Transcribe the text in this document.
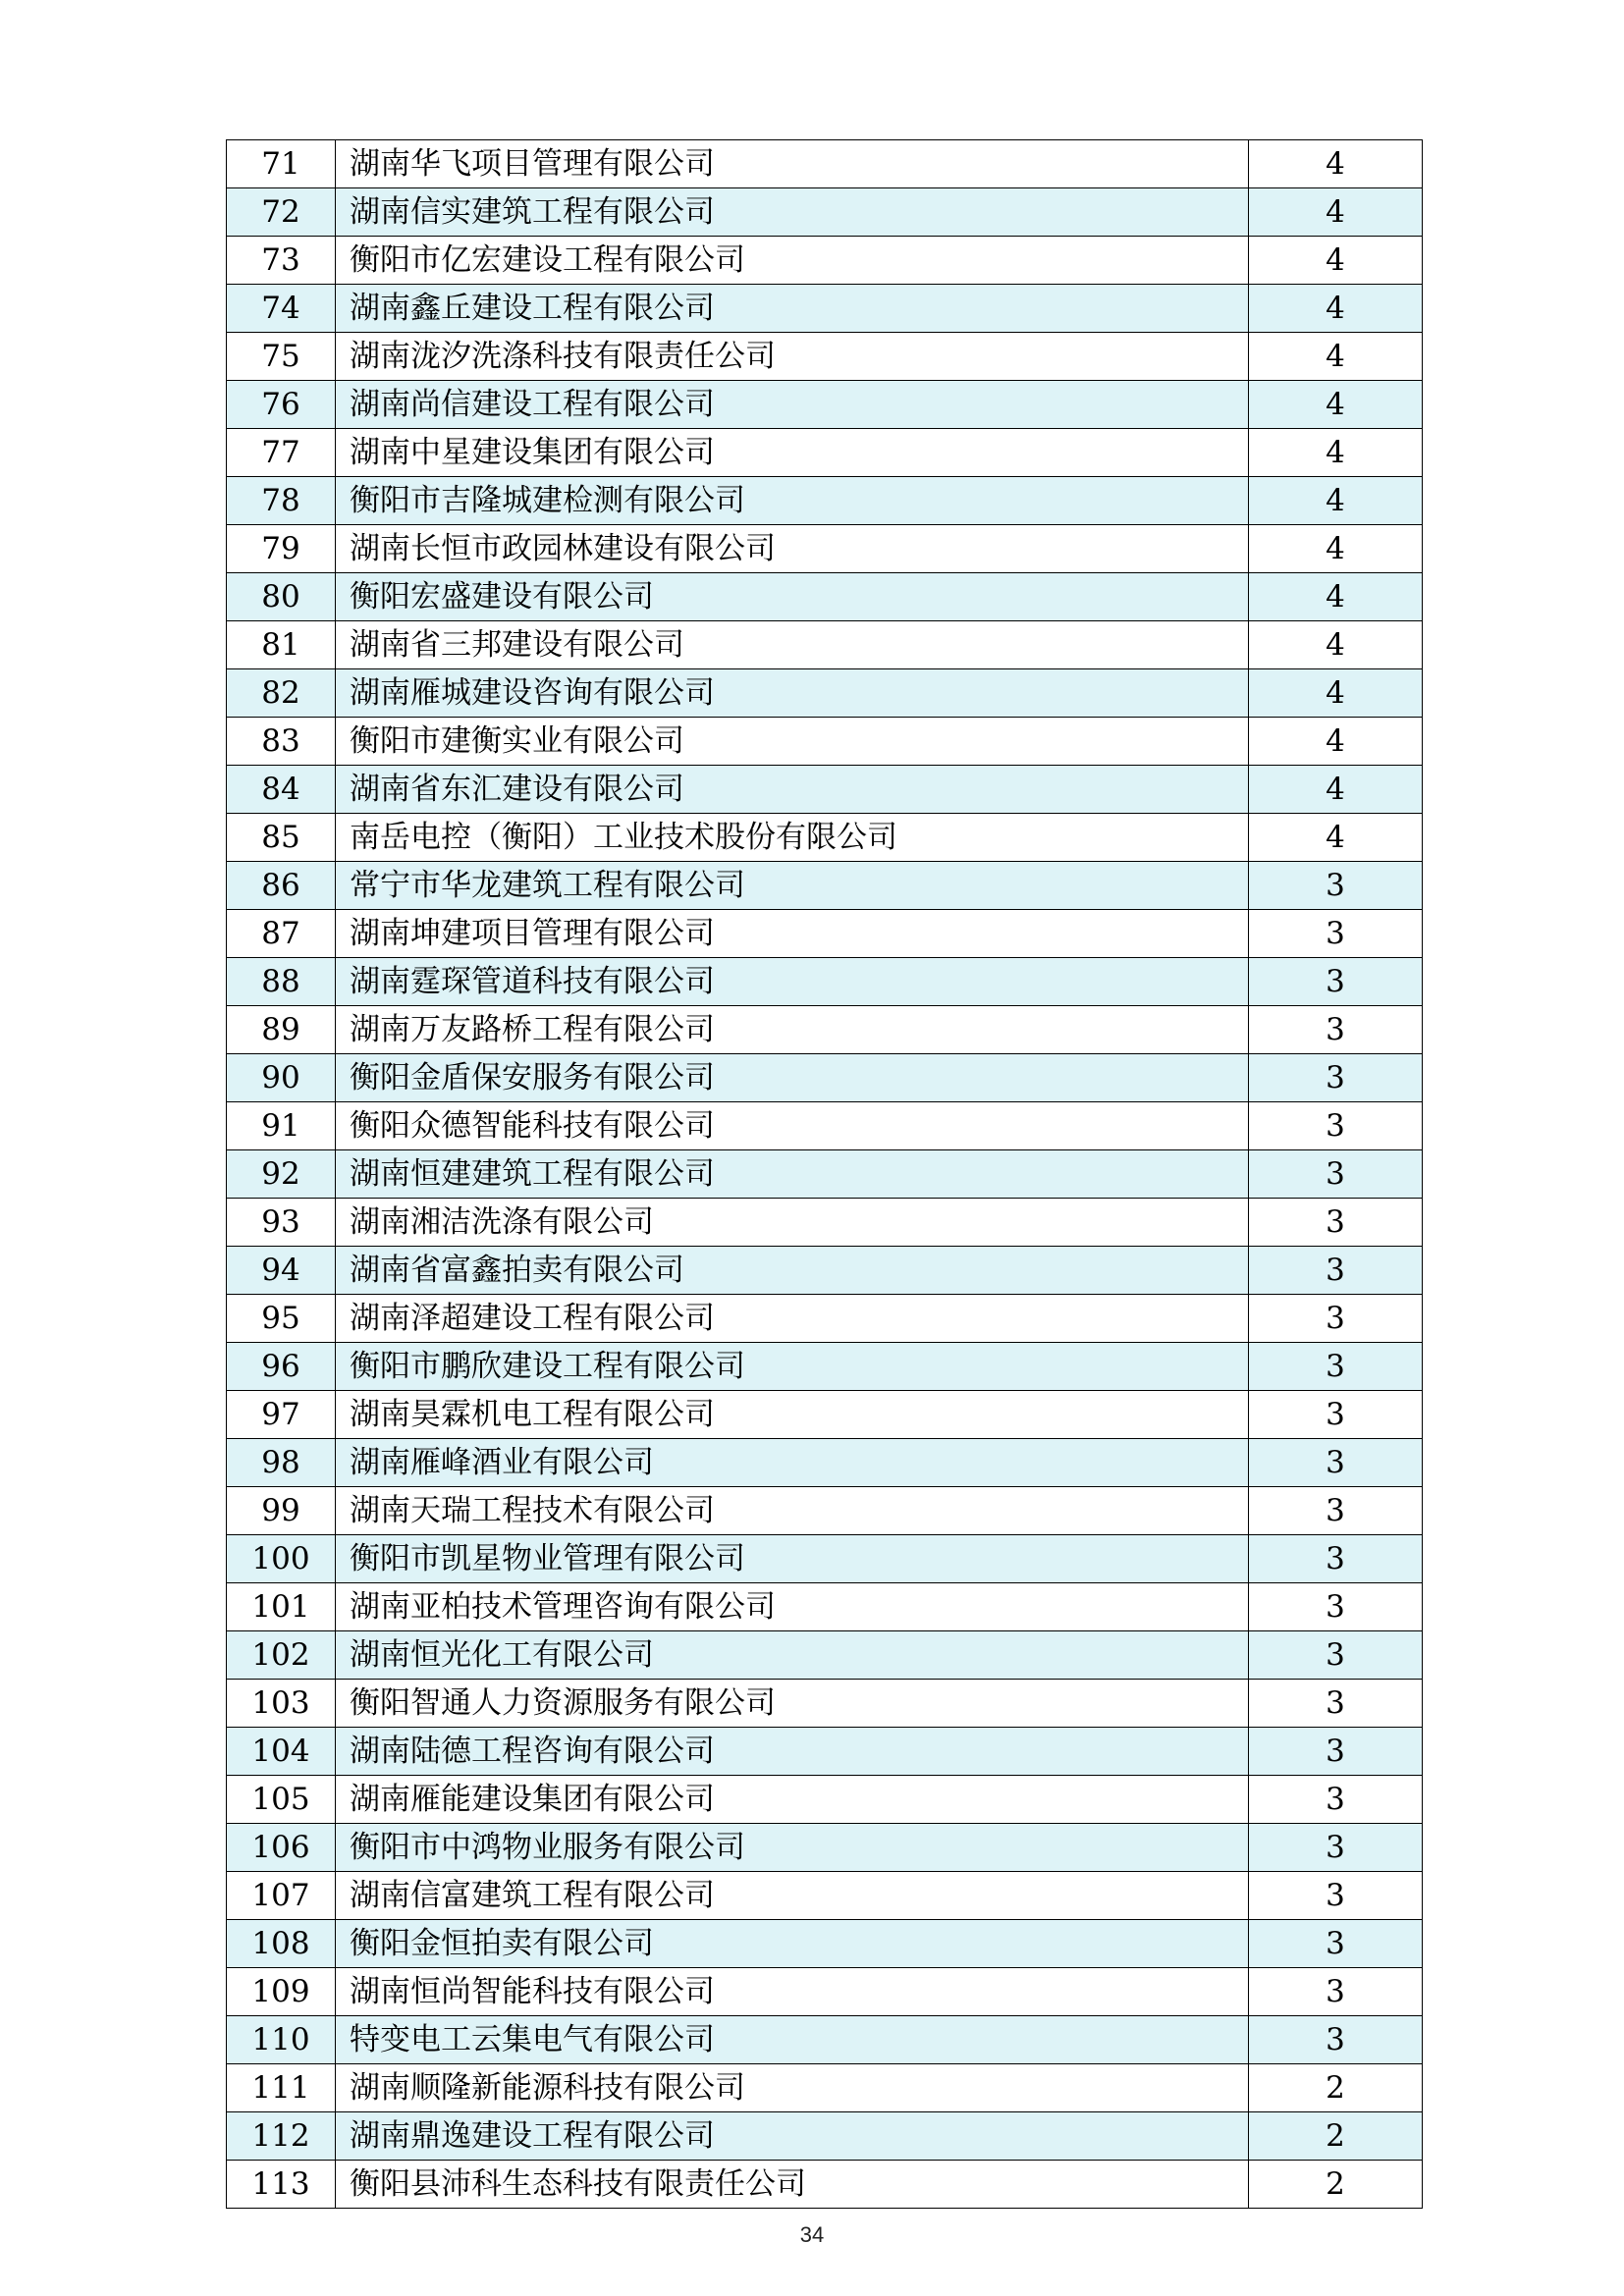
71	湖南华飞项目管理有限公司	4
72	湖南信实建筑工程有限公司	4
73	衡阳市亿宏建设工程有限公司	4
74	湖南鑫丘建设工程有限公司	4
75	湖南泷汐洗涤科技有限责任公司	4
76	湖南尚信建设工程有限公司	4
77	湖南中星建设集团有限公司	4
78	衡阳市吉隆城建检测有限公司	4
79	湖南长恒市政园林建设有限公司	4
80	衡阳宏盛建设有限公司	4
81	湖南省三邦建设有限公司	4
82	湖南雁城建设咨询有限公司	4
83	衡阳市建衡实业有限公司	4
84	湖南省东汇建设有限公司	4
85	南岳电控（衡阳）工业技术股份有限公司	4
86	常宁市华龙建筑工程有限公司	3
87	湖南坤建项目管理有限公司	3
88	湖南霆琛管道科技有限公司	3
89	湖南万友路桥工程有限公司	3
90	衡阳金盾保安服务有限公司	3
91	衡阳众德智能科技有限公司	3
92	湖南恒建建筑工程有限公司	3
93	湖南湘洁洗涤有限公司	3
94	湖南省富鑫拍卖有限公司	3
95	湖南泽超建设工程有限公司	3
96	衡阳市鹏欣建设工程有限公司	3
97	湖南昊霖机电工程有限公司	3
98	湖南雁峰酒业有限公司	3
99	湖南天瑞工程技术有限公司	3
100	衡阳市凯星物业管理有限公司	3
101	湖南亚柏技术管理咨询有限公司	3
102	湖南恒光化工有限公司	3
103	衡阳智通人力资源服务有限公司	3
104	湖南陆德工程咨询有限公司	3
105	湖南雁能建设集团有限公司	3
106	衡阳市中鸿物业服务有限公司	3
107	湖南信富建筑工程有限公司	3
108	衡阳金恒拍卖有限公司	3
109	湖南恒尚智能科技有限公司	3
110	特变电工云集电气有限公司	3
111	湖南顺隆新能源科技有限公司	2
112	湖南鼎逸建设工程有限公司	2
113	衡阳县沛科生态科技有限责任公司	2
34
